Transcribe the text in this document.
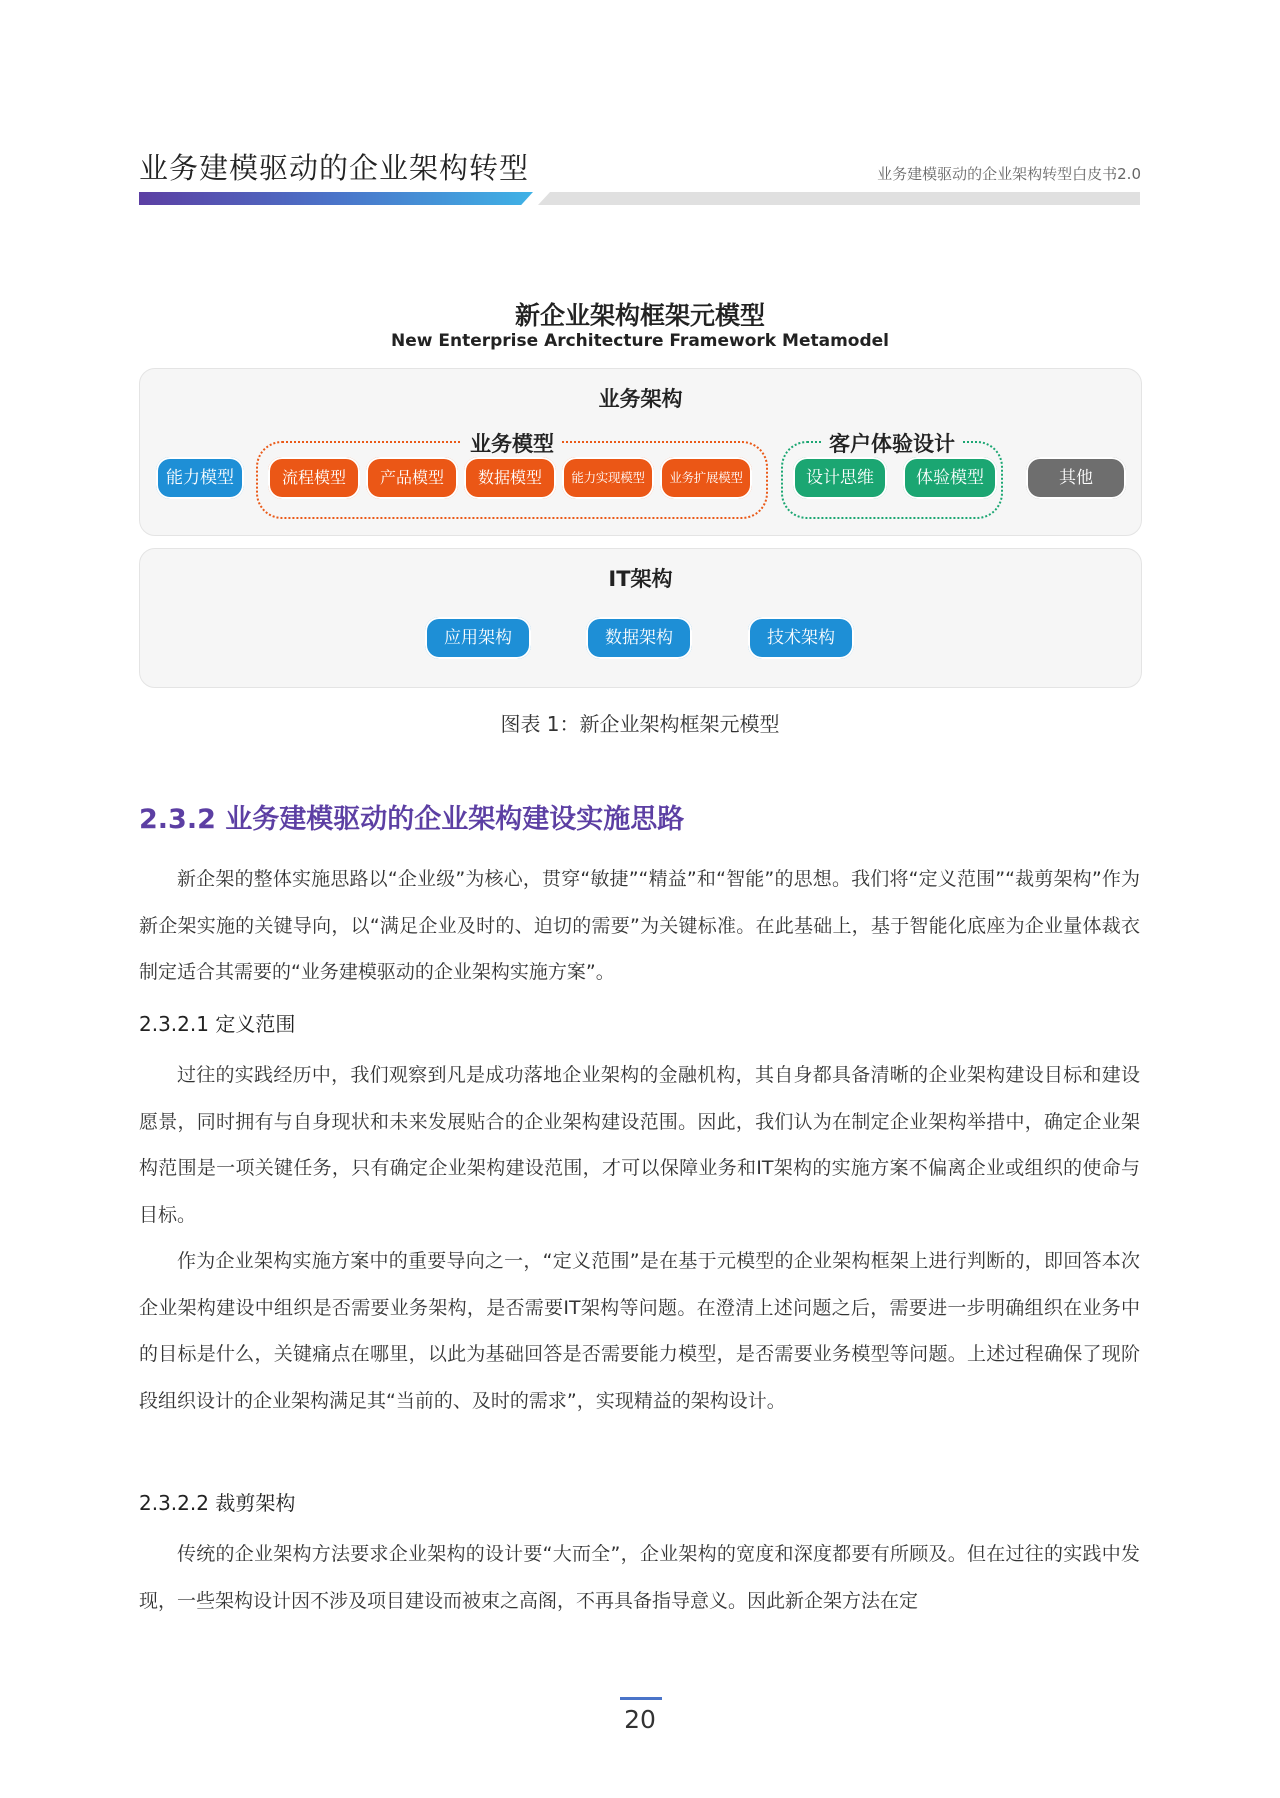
业务建模驱动的企业架构转型	业务建模驱动的企业架构转型白皮书2.0
新企业架构框架元模型
New Enterprise Architecture Framework Metamodel
业务架构
能力模型
业务模型
流程模型	产品模型	数据模型	能力实现模型	业务扩展模型
客户体验设计
设计思维	体验模型	其他
IT架构
应用架构	数据架构	技术架构
图表 1：新企业架构框架元模型
2.3.2 业务建模驱动的企业架构建设实施思路

新企架的整体实施思路以“企业级”为核心，贯穿“敏捷”“精益”和“智能”的思想。我们将“定义范围”“裁剪架构”作为新企架实施的关键导向，以“满足企业及时的、迫切的需要”为关键标准。在此基础上，基于智能化底座为企业量体裁衣制定适合其需要的“业务建模驱动的企业架构实施方案”。

2.3.2.1 定义范围

过往的实践经历中，我们观察到凡是成功落地企业架构的金融机构，其自身都具备清晰的企业架构建设目标和建设愿景，同时拥有与自身现状和未来发展贴合的企业架构建设范围。因此，我们认为在制定企业架构举措中，确定企业架构范围是一项关键任务，只有确定企业架构建设范围，才可以保障业务和IT架构的实施方案不偏离企业或组织的使命与目标。

作为企业架构实施方案中的重要导向之一，“定义范围”是在基于元模型的企业架构框架上进行判断的，即回答本次企业架构建设中组织是否需要业务架构，是否需要IT架构等问题。在澄清上述问题之后，需要进一步明确组织在业务中的目标是什么，关键痛点在哪里，以此为基础回答是否需要能力模型，是否需要业务模型等问题。上述过程确保了现阶段组织设计的企业架构满足其“当前的、及时的需求”，实现精益的架构设计。

2.3.2.2 裁剪架构

传统的企业架构方法要求企业架构的设计要“大而全”，企业架构的宽度和深度都要有所顾及。但在过往的实践中发现，一些架构设计因不涉及项目建设而被束之高阁，不再具备指导意义。因此新企架方法在定

20
